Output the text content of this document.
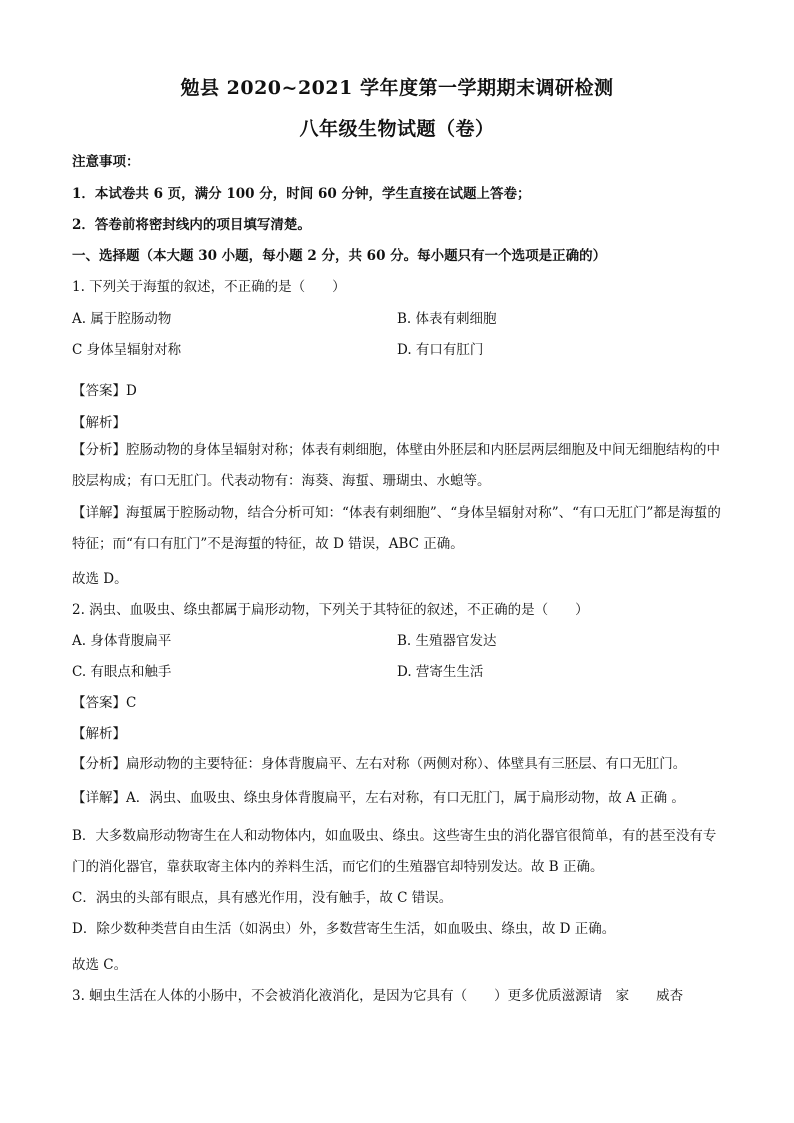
勉县 2020~2021 学年度第一学期期末调研检测
八年级生物试题（卷）
注意事项：
1．本试卷共 6 页，满分 100 分，时间 60 分钟，学生直接在试题上答卷；
2．答卷前将密封线内的项目填写清楚。
一、选择题（本大题 30 小题，每小题 2 分，共 60 分。每小题只有一个选项是正确的）
1. 下列关于海蜇的叙述，不正确的是（　　）
A. 属于腔肠动物	B. 体表有刺细胞
C 身体呈辐射对称	D. 有口有肛门
【答案】D
【解析】
【分析】腔肠动物的身体呈辐射对称；体表有刺细胞，体壁由外胚层和内胚层两层细胞及中间无细胞结构的中胶层构成；有口无肛门。代表动物有：海葵、海蜇、珊瑚虫、水螅等。
【详解】海蜇属于腔肠动物，结合分析可知：“体表有刺细胞”、“身体呈辐射对称”、“有口无肛门”都是海蜇的特征；而“有口有肛门”不是海蜇的特征，故 D 错误，ABC 正确。
故选 D。
2. 涡虫、血吸虫、绦虫都属于扁形动物，下列关于其特征的叙述，不正确的是（　　）
A. 身体背腹扁平	B. 生殖器官发达
C. 有眼点和触手	D. 营寄生生活
【答案】C
【解析】
【分析】扁形动物的主要特征：身体背腹扁平、左右对称（两侧对称）、体壁具有三胚层、有口无肛门。
【详解】A．涡虫、血吸虫、绦虫身体背腹扁平，左右对称，有口无肛门，属于扁形动物，故 A 正确 。
B．大多数扁形动物寄生在人和动物体内，如血吸虫、绦虫。这些寄生虫的消化器官很简单，有的甚至没有专门的消化器官，靠获取寄主体内的养料生活，而它们的生殖器官却特别发达。故 B 正确。
C．涡虫的头部有眼点，具有感光作用，没有触手，故 C 错误。
D．除少数种类营自由生活（如涡虫）外，多数营寄生生活，如血吸虫、绦虫，故 D 正确。
故选 C。
3. 蛔虫生活在人体的小肠中，不会被消化液消化，是因为它具有（　　）更多优质滋源请　家　　威杏
